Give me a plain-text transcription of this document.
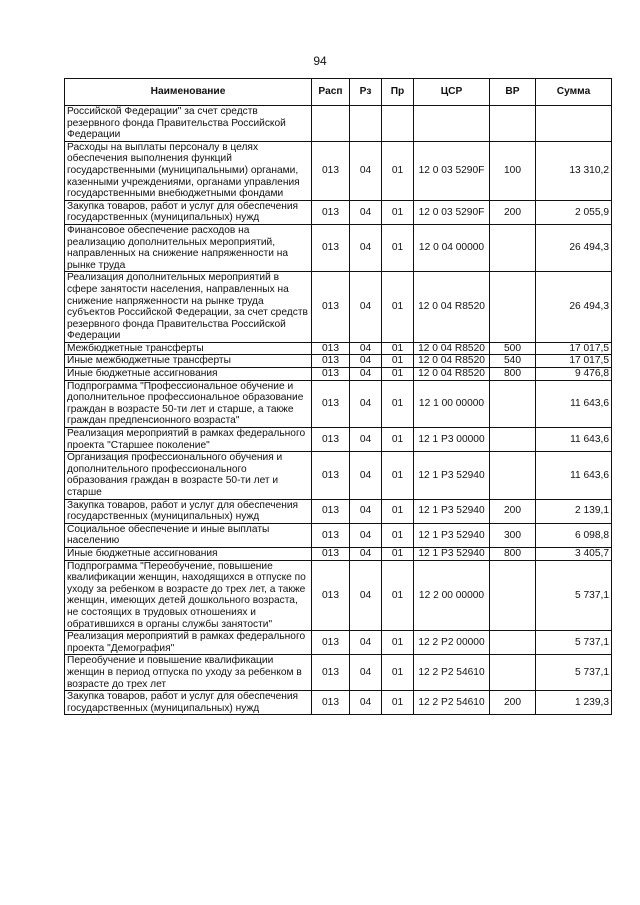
94
Наименование	Расп	Рз	Пр	ЦСР	ВР	Сумма
Российской Федерации" за счет средств резервного фонда Правительства Российской Федерации						
Расходы на выплаты персоналу в целях обеспечения выполнения функций государственными (муниципальными) органами, казенными учреждениями, органами управления государственными внебюджетными фондами	013	04	01	12 0 03 5290F	100	13 310,2
Закупка товаров, работ и услуг для обеспечения государственных (муниципальных) нужд	013	04	01	12 0 03 5290F	200	2 055,9
Финансовое обеспечение расходов на реализацию дополнительных мероприятий, направленных на снижение напряженности на рынке труда	013	04	01	12 0 04 00000		26 494,3
Реализация дополнительных мероприятий в сфере занятости населения, направленных на снижение напряженности на рынке труда субъектов Российской Федерации, за счет средств резервного фонда Правительства Российской Федерации	013	04	01	12 0 04 R8520		26 494,3
Межбюджетные трансферты	013	04	01	12 0 04 R8520	500	17 017,5
Иные межбюджетные трансферты	013	04	01	12 0 04 R8520	540	17 017,5
Иные бюджетные ассигнования	013	04	01	12 0 04 R8520	800	9 476,8
Подпрограмма "Профессиональное обучение и дополнительное профессиональное образование граждан в возрасте 50-ти лет и старше, а также граждан предпенсионного возраста"	013	04	01	12 1 00 00000		11 643,6
Реализация мероприятий в рамках федерального проекта "Старшее поколение"	013	04	01	12 1 P3 00000		11 643,6
Организация профессионального обучения и дополнительного профессионального образования граждан в возрасте 50-ти лет и старше	013	04	01	12 1 P3 52940		11 643,6
Закупка товаров, работ и услуг для обеспечения государственных (муниципальных) нужд	013	04	01	12 1 P3 52940	200	2 139,1
Социальное обеспечение и иные выплаты населению	013	04	01	12 1 P3 52940	300	6 098,8
Иные бюджетные ассигнования	013	04	01	12 1 P3 52940	800	3 405,7
Подпрограмма "Переобучение, повышение квалификации женщин, находящихся в отпуске по уходу за ребенком в возрасте до трех лет, а также женщин, имеющих детей дошкольного возраста, не состоящих в трудовых отношениях и обратившихся в органы службы занятости"	013	04	01	12 2 00 00000		5 737,1
Реализация мероприятий в рамках федерального проекта "Демография"	013	04	01	12 2 P2 00000		5 737,1
Переобучение и повышение квалификации женщин в период отпуска по уходу за ребенком в возрасте до трех лет	013	04	01	12 2 P2 54610		5 737,1
Закупка товаров, работ и услуг для обеспечения государственных (муниципальных) нужд	013	04	01	12 2 P2 54610	200	1 239,3
